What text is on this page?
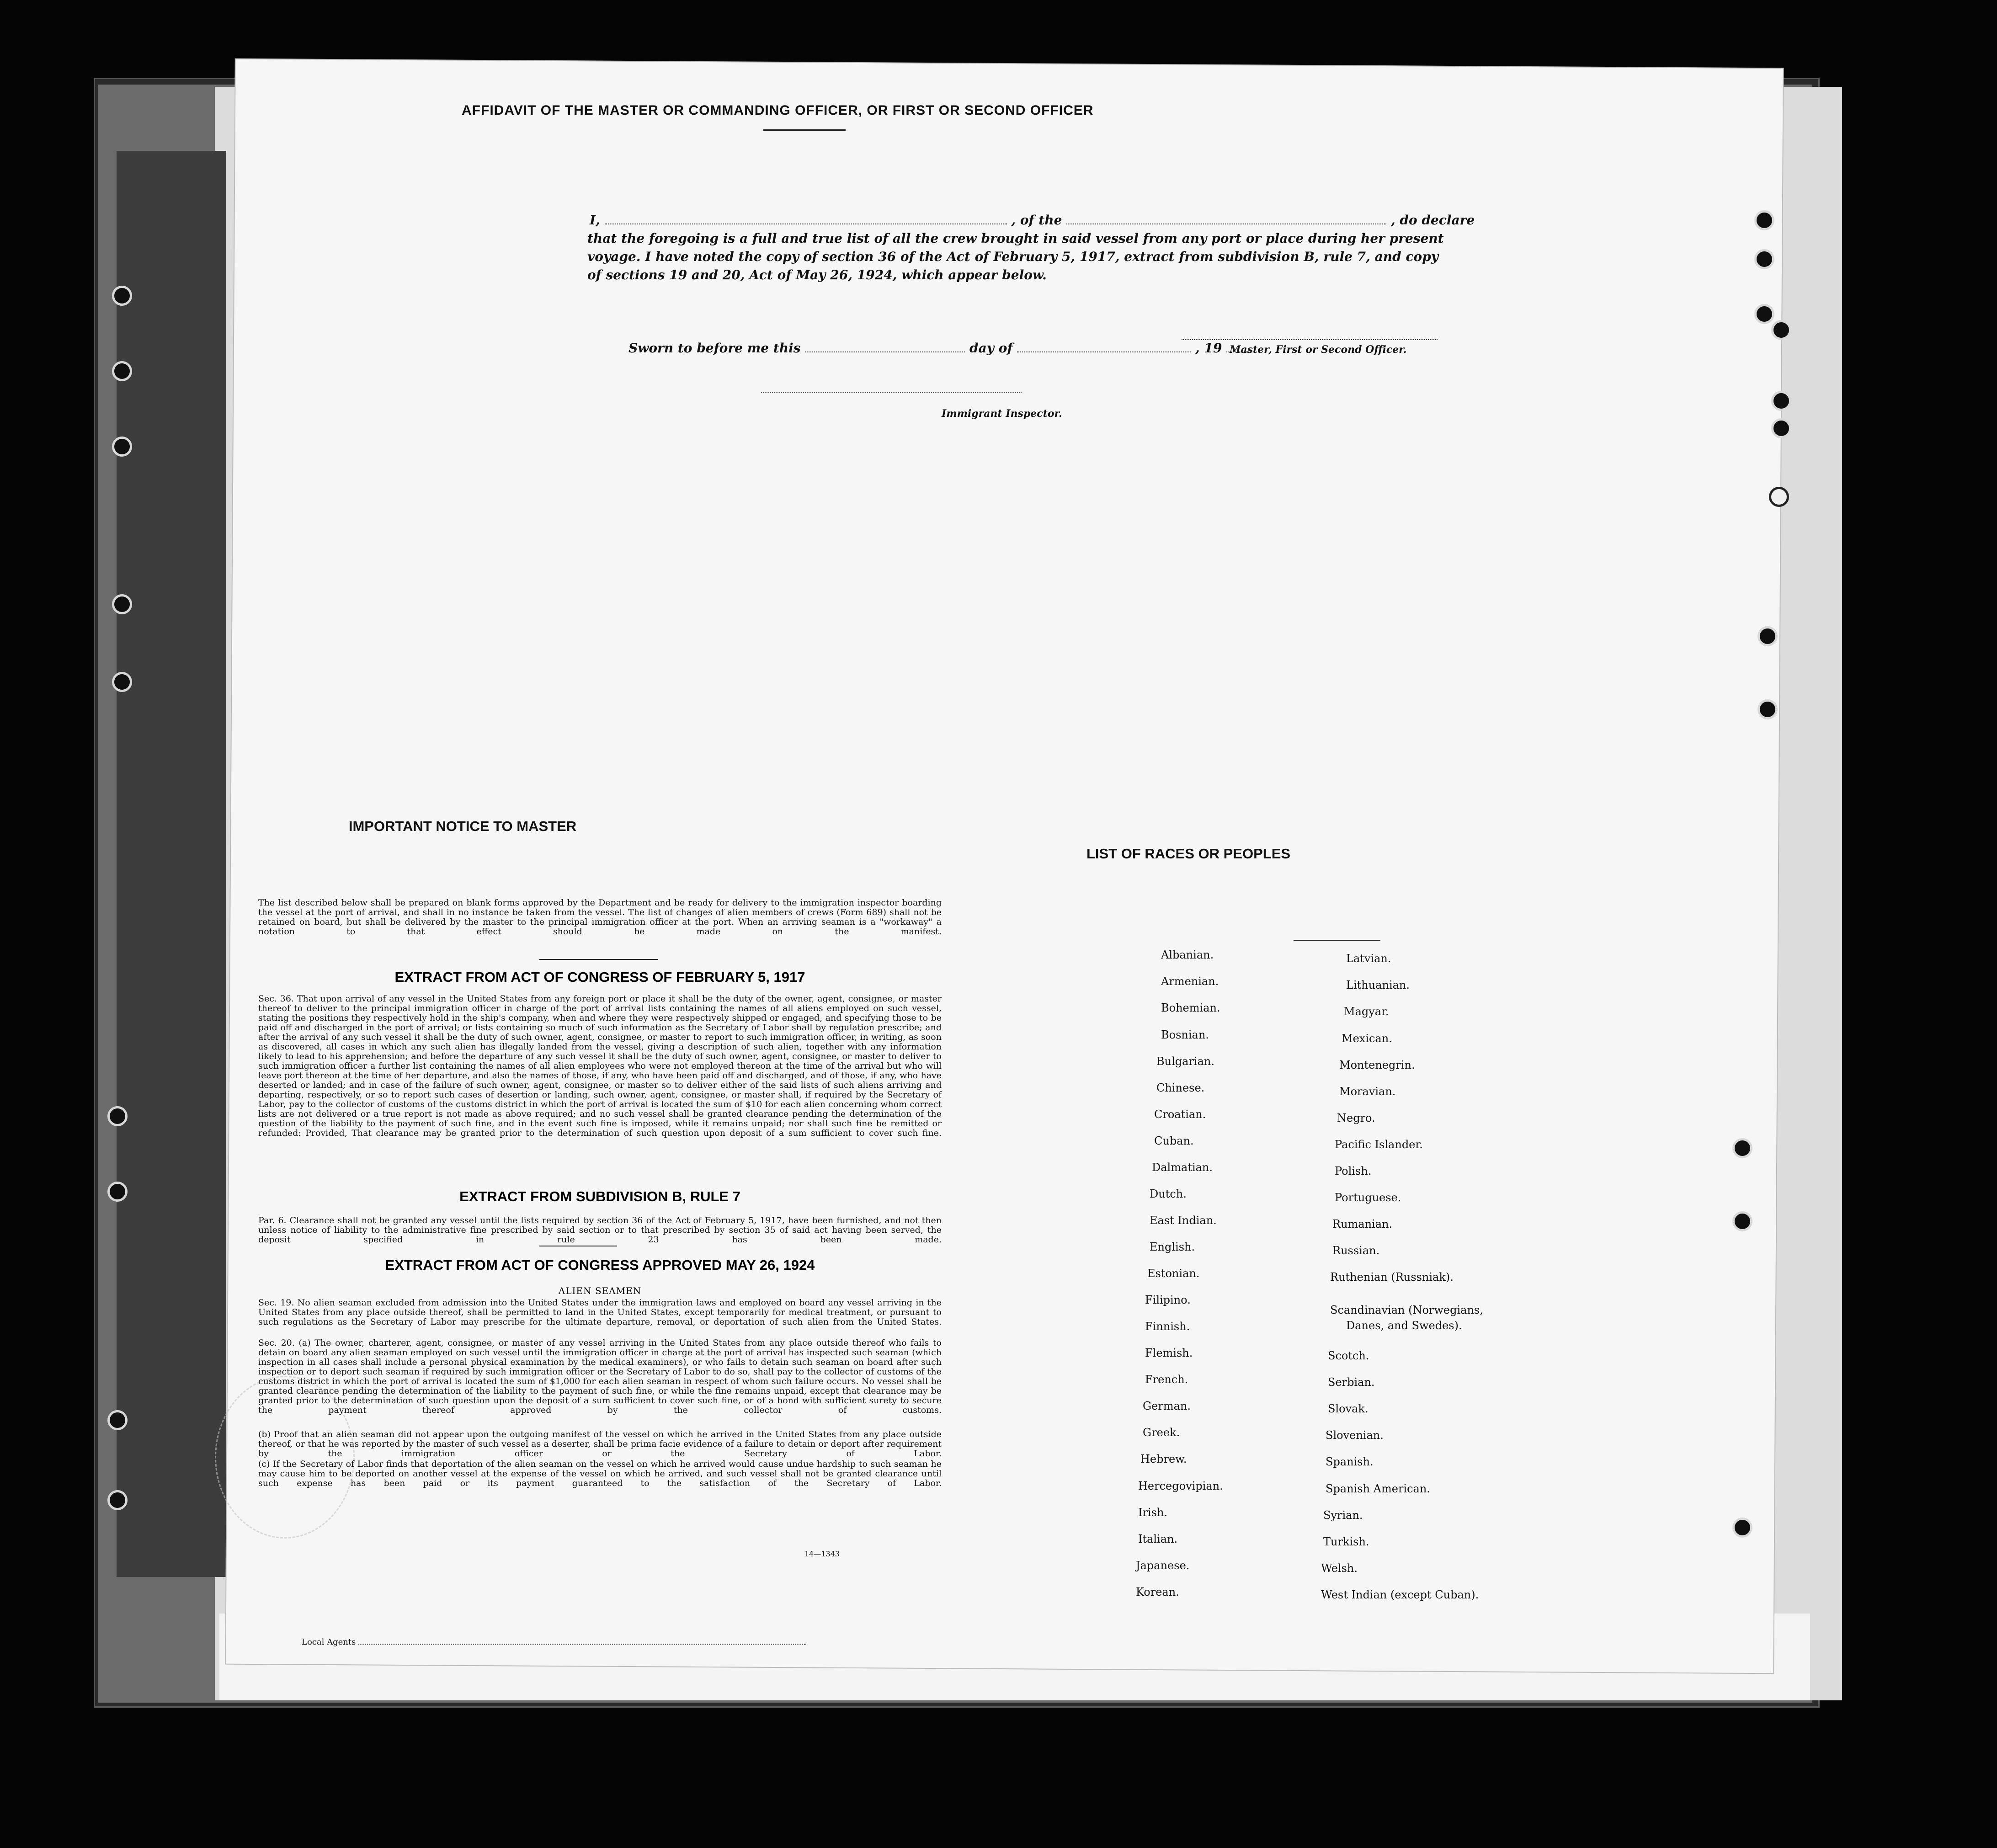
AFFIDAVIT OF THE MASTER OR COMMANDING OFFICER, OR FIRST OR SECOND OFFICER
I,	, of the	, do declare
that the foregoing is a full and true list of all the crew brought in said vessel from any port or place during her present
voyage. I have noted the copy of section 36 of the Act of February 5, 1917, extract from subdivision B, rule 7, and copy
of sections 19 and 20, Act of May 26, 1924, which appear below.
Master, First or Second Officer.
Sworn to before me this	day of	, 19
Immigrant Inspector.
IMPORTANT NOTICE TO MASTER
The list described below shall be prepared on blank forms approved by the Department and be ready for delivery to the immigration inspector boarding the vessel at the port of arrival, and shall in no instance be taken from the vessel. The list of changes of alien members of crews (Form 689) shall not be retained on board, but shall be delivered by the master to the principal immigration officer at the port. When an arriving seaman is a "workaway" a notation to that effect should be made on the manifest.
EXTRACT FROM ACT OF CONGRESS OF FEBRUARY 5, 1917
Sec. 36. That upon arrival of any vessel in the United States from any foreign port or place it shall be the duty of the owner, agent, consignee, or master thereof to deliver to the principal immigration officer in charge of the port of arrival lists containing the names of all aliens employed on such vessel, stating the positions they respectively hold in the ship's company, when and where they were respectively shipped or engaged, and specifying those to be paid off and discharged in the port of arrival; or lists containing so much of such information as the Secretary of Labor shall by regulation prescribe; and after the arrival of any such vessel it shall be the duty of such owner, agent, consignee, or master to report to such immigration officer, in writing, as soon as discovered, all cases in which any such alien has illegally landed from the vessel, giving a description of such alien, together with any information likely to lead to his apprehension; and before the departure of any such vessel it shall be the duty of such owner, agent, consignee, or master to deliver to such immigration officer a further list containing the names of all alien employees who were not employed thereon at the time of the arrival but who will leave port thereon at the time of her departure, and also the names of those, if any, who have been paid off and discharged, and of those, if any, who have deserted or landed; and in case of the failure of such owner, agent, consignee, or master so to deliver either of the said lists of such aliens arriving and departing, respectively, or so to report such cases of desertion or landing, such owner, agent, consignee, or master shall, if required by the Secretary of Labor, pay to the collector of customs of the customs district in which the port of arrival is located the sum of $10 for each alien concerning whom correct lists are not delivered or a true report is not made as above required; and no such vessel shall be granted clearance pending the determination of the question of the liability to the payment of such fine, and in the event such fine is imposed, while it remains unpaid; nor shall such fine be remitted or refunded: Provided, That clearance may be granted prior to the determination of such question upon deposit of a sum sufficient to cover such fine.
EXTRACT FROM SUBDIVISION B, RULE 7
Par. 6. Clearance shall not be granted any vessel until the lists required by section 36 of the Act of February 5, 1917, have been furnished, and not then unless notice of liability to the administrative fine prescribed by said section or to that prescribed by section 35 of said act having been served, the deposit specified in rule 23 has been made.
EXTRACT FROM ACT OF CONGRESS APPROVED MAY 26, 1924
ALIEN SEAMEN
Sec. 19. No alien seaman excluded from admission into the United States under the immigration laws and employed on board any vessel arriving in the United States from any place outside thereof, shall be permitted to land in the United States, except temporarily for medical treatment, or pursuant to such regulations as the Secretary of Labor may prescribe for the ultimate departure, removal, or deportation of such alien from the United States.
Sec. 20. (a) The owner, charterer, agent, consignee, or master of any vessel arriving in the United States from any place outside thereof who fails to detain on board any alien seaman employed on such vessel until the immigration officer in charge at the port of arrival has inspected such seaman (which inspection in all cases shall include a personal physical examination by the medical examiners), or who fails to detain such seaman on board after such inspection or to deport such seaman if required by such immigration officer or the Secretary of Labor to do so, shall pay to the collector of customs of the customs district in which the port of arrival is located the sum of $1,000 for each alien seaman in respect of whom such failure occurs. No vessel shall be granted clearance pending the determination of the liability to the payment of such fine, or while the fine remains unpaid, except that clearance may be granted prior to the determination of such question upon the deposit of a sum sufficient to cover such fine, or of a bond with sufficient surety to secure the payment thereof approved by the collector of customs.
(b) Proof that an alien seaman did not appear upon the outgoing manifest of the vessel on which he arrived in the United States from any place outside thereof, or that he was reported by the master of such vessel as a deserter, shall be prima facie evidence of a failure to detain or deport after requirement by the immigration officer or the Secretary of Labor.
(c) If the Secretary of Labor finds that deportation of the alien seaman on the vessel on which he arrived would cause undue hardship to such seaman he may cause him to be deported on another vessel at the expense of the vessel on which he arrived, and such vessel shall not be granted clearance until such expense has been paid or its payment guaranteed to the satisfaction of the Secretary of Labor.
14—1343
LIST OF RACES OR PEOPLES
Albanian.
Armenian.
Bohemian.
Bosnian.
Bulgarian.
Chinese.
Croatian.
Cuban.
Dalmatian.
Dutch.
East Indian.
English.
Estonian.
Filipino.
Finnish.
Flemish.
French.
German.
Greek.
Hebrew.
Hercegovipian.
Irish.
Italian.
Japanese.
Korean.
Latvian.
Lithuanian.
Magyar.
Mexican.
Montenegrin.
Moravian.
Negro.
Pacific Islander.
Polish.
Portuguese.
Rumanian.
Russian.
Ruthenian (Russniak).
Scandinavian (Norwegians,
Danes, and Swedes).
Scotch.
Serbian.
Slovak.
Slovenian.
Spanish.
Spanish American.
Syrian.
Turkish.
Welsh.
West Indian (except Cuban).
Local Agents
